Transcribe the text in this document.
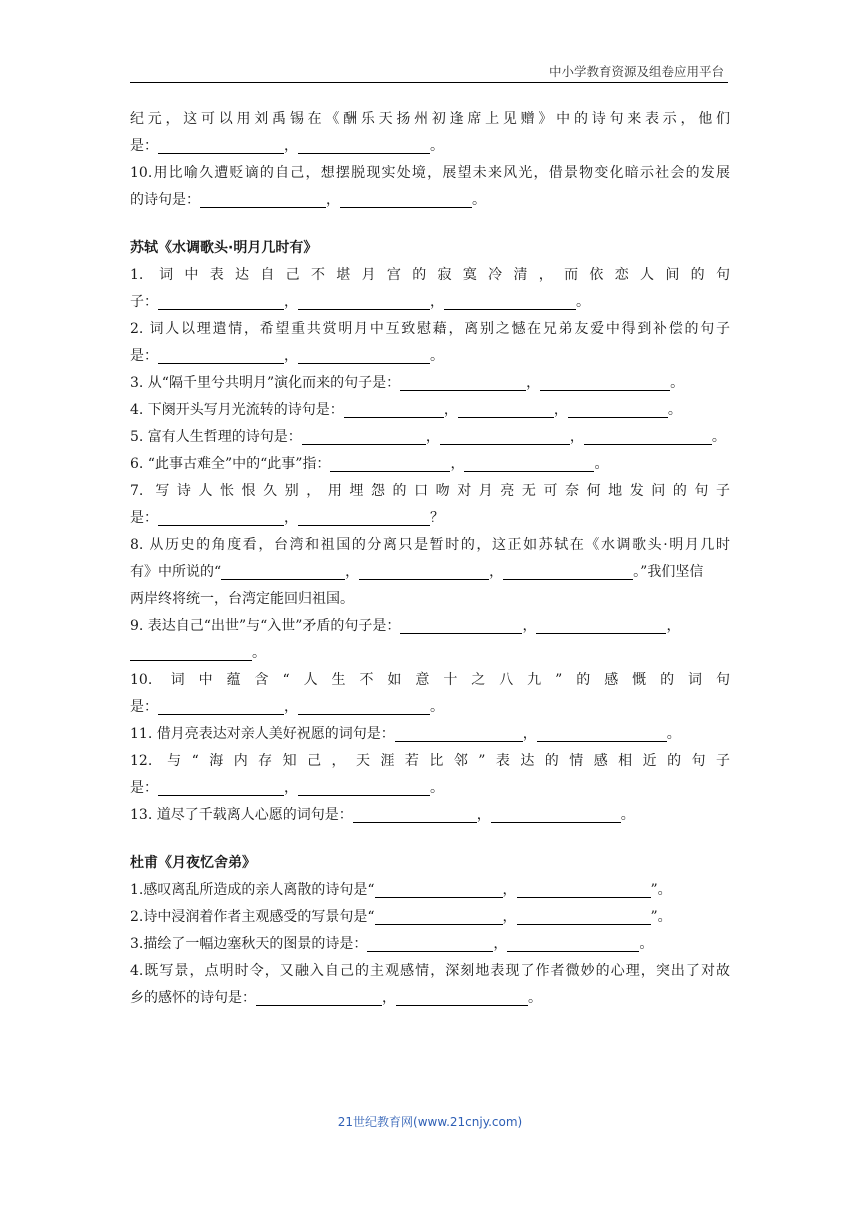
中小学教育资源及组卷应用平台
纪元，这可以用刘禹锡在《酬乐天扬州初逢席上见赠》中的诗句来表示，他们
是：	，	。
10.用比喻久遭贬谪的自己，想摆脱现实处境，展望未来风光，借景物变化暗示社会的发展
的诗句是：	，	。
苏轼《水调歌头·明月几时有》
1. 词中表达自己不堪月宫的寂寞冷清，而依恋人间的句
子：	，	，	。
2. 词人以理遣情，希望重共赏明月中互致慰藉，离别之憾在兄弟友爱中得到补偿的句子
是：	，	。
3. 从“隔千里兮共明月”演化而来的句子是：	，	。
4. 下阕开头写月光流转的诗句是：	，	，	。
5. 富有人生哲理的诗句是：	，	，	。
6. “此事古难全”中的“此事”指：	，	。
7. 写诗人怅恨久别，用埋怨的口吻对月亮无可奈何地发问的句子
是：	，	？
8. 从历史的角度看，台湾和祖国的分离只是暂时的，这正如苏轼在《水调歌头·明月几时
有》中所说的“	，	，	。”我们坚信
两岸终将统一，台湾定能回归祖国。
9. 表达自己“出世”与“入世”矛盾的句子是：	，	，
。
10. 词中蕴含“人生不如意十之八九”的感慨的词句
是：	，	。
11. 借月亮表达对亲人美好祝愿的词句是：	，	。
12. 与“海内存知己，天涯若比邻”表达的情感相近的句子
是：	，	。
13. 道尽了千载离人心愿的词句是：	，	。
杜甫《月夜忆舍弟》
1.感叹离乱所造成的亲人离散的诗句是“	，	”。
2.诗中浸润着作者主观感受的写景句是“	，	”。
3.描绘了一幅边塞秋天的图景的诗是：	，	。
4.既写景，点明时令，又融入自己的主观感情，深刻地表现了作者微妙的心理，突出了对故
乡的感怀的诗句是：	，	。
21世纪教育网(www.21cnjy.com)
